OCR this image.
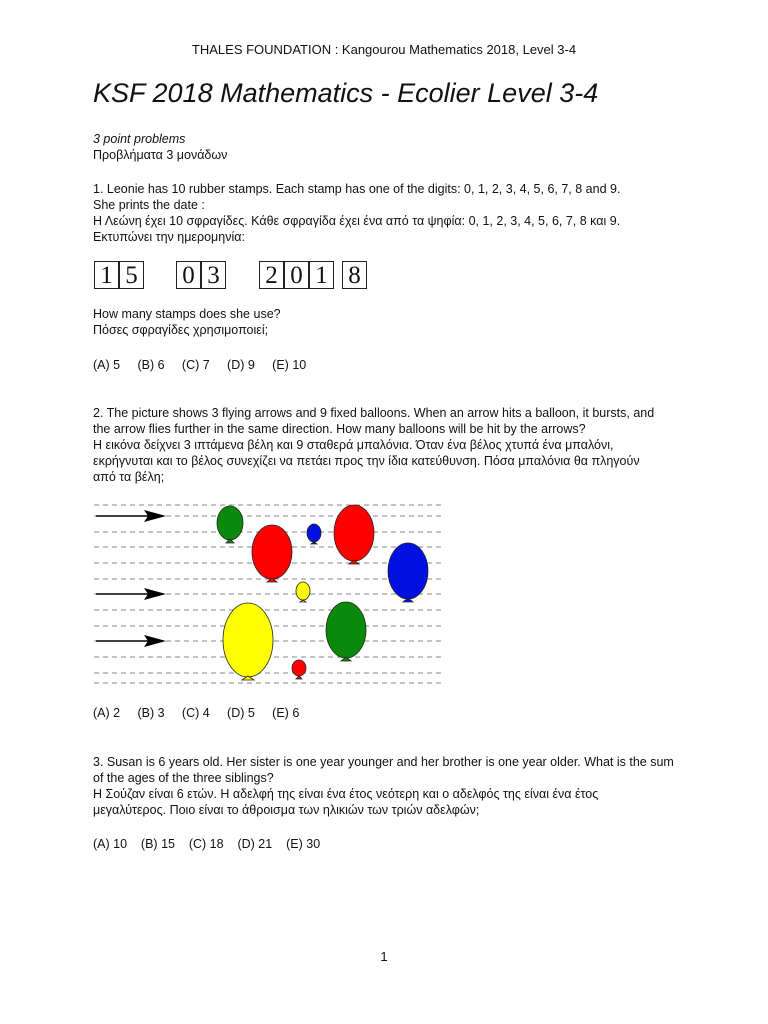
THALES FOUNDATION : Kangourou Mathematics 2018, Level 3-4
KSF 2018 Mathematics - Ecolier Level 3-4

3 point problems

Προβλήματα 3 μονάδων

1. Leonie has 10 rubber stamps. Each stamp has one of the digits: 0, 1, 2, 3, 4, 5, 6, 7, 8 and 9.

She prints the date :

Η Λεώνη έχει 10 σφραγίδες. Κάθε σφραγίδα έχει ένα από τα ψηφία: 0, 1, 2, 3, 4, 5, 6, 7, 8 και 9.

Εκτυπώνει την ημερομηνία:

1 5 0 3 2 0 1 8

How many stamps does she use?

Πόσες σφραγίδες χρησιμοποιεί;

(A) 5     (B) 6     (C) 7     (D) 9     (E) 10

2. The picture shows 3 flying arrows and 9 fixed balloons. When an arrow hits a balloon, it bursts, and

the arrow flies further in the same direction. How many balloons will be hit by the arrows?

Η εικόνα δείχνει 3 ιπτάμενα βέλη και 9 σταθερά μπαλόνια. Όταν ένα βέλος χτυπά ένα μπαλόνι,

εκρήγνυται και το βέλος συνεχίζει να πετάει προς την ίδια κατεύθυνση. Πόσα μπαλόνια θα πληγούν

από τα βέλη;

(A) 2     (B) 3     (C) 4     (D) 5     (E) 6

3. Susan is 6 years old. Her sister is one year younger and her brother is one year older. What is the sum

of the ages of the three siblings?

Η Σούζαν είναι 6 ετών. Η αδελφή της είναι ένα έτος νεότερη και ο αδελφός της είναι ένα έτος

μεγαλύτερος. Ποιο είναι το άθροισμα των ηλικιών των τριών αδελφών;

(A) 10    (B) 15    (C) 18    (D) 21    (E) 30
1
